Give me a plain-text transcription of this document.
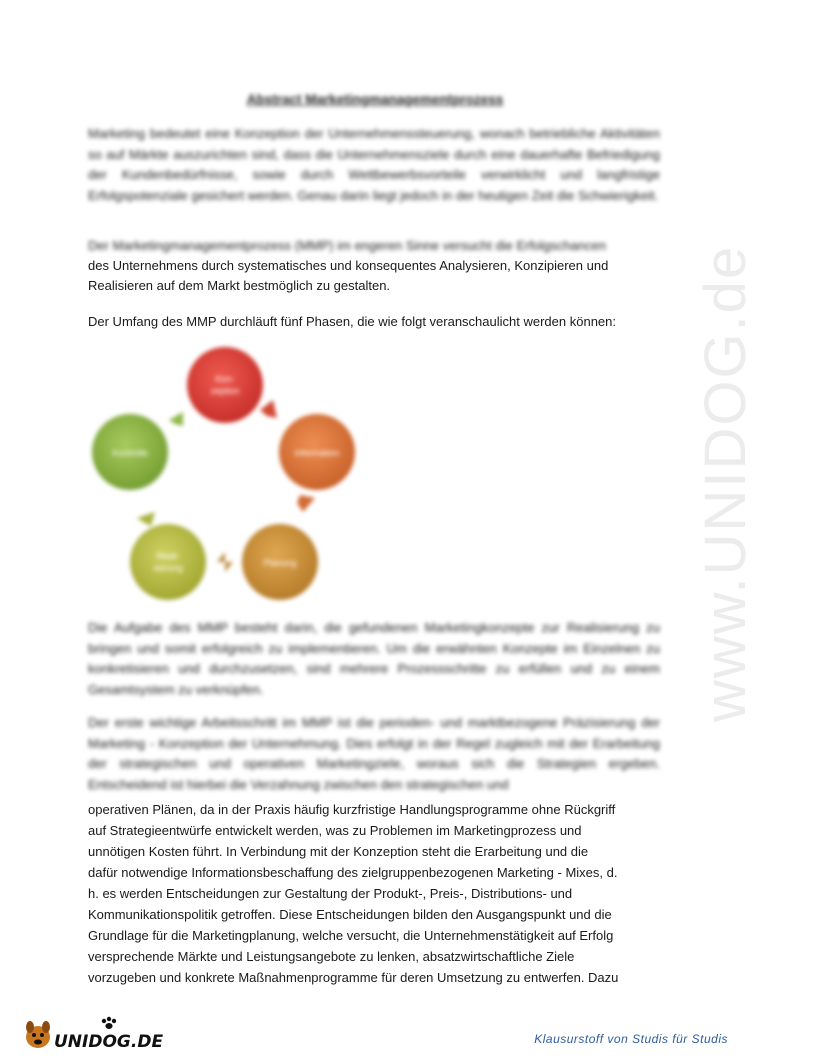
Abstract Marketingmanagementprozess

Marketing bedeutet eine Konzeption der Unternehmenssteuerung, wonach betriebliche Aktivitäten so auf Märkte auszurichten sind, dass die Unternehmensziele durch eine dauerhafte Befriedigung der Kundenbedürfnisse, sowie durch Wettbewerbsvorteile verwirklicht und langfristige Erfolgspotenziale gesichert werden. Genau darin liegt jedoch in der heutigen Zeit die Schwierigkeit.

Der Marketingmanagementprozess (MMP) im engeren Sinne versucht die Erfolgschancen

des Unternehmens durch systematisches und konsequentes Analysieren, Konzipieren und
Realisieren auf dem Markt bestmöglich zu gestalten.
Der Umfang des MMP durchläuft fünf Phasen, die wie folgt veranschaulicht werden können:	www.UNIDOG.de
Kon-
zeption
Information
Planung
Reali-
sierung
Kontrolle

Die Aufgabe des MMP besteht darin, die gefundenen Marketingkonzepte zur Realisierung zu bringen und somit erfolgreich zu implementieren. Um die erwähnten Konzepte im Einzelnen zu konkretisieren und durchzusetzen, sind mehrere Prozessschritte zu erfüllen und zu einem Gesamtsystem zu verknüpfen.

Der erste wichtige Arbeitsschritt im MMP ist die perioden- und marktbezogene Präzisierung der Marketing - Konzeption der Unternehmung. Dies erfolgt in der Regel zugleich mit der Erarbeitung der strategischen und operativen Marketingziele, woraus sich die Strategien ergeben. Entscheidend ist hierbei die Verzahnung zwischen den strategischen und

operativen Plänen, da in der Praxis häufig kurzfristige Handlungsprogramme ohne Rückgriff
auf Strategieentwürfe entwickelt werden, was zu Problemen im Marketingprozess und
unnötigen Kosten führt. In Verbindung mit der Konzeption steht die Erarbeitung und die
dafür notwendige Informationsbeschaffung des zielgruppenbezogenen Marketing - Mixes, d.
h. es werden Entscheidungen zur Gestaltung der Produkt-, Preis-, Distributions- und
Kommunikationspolitik getroffen. Diese Entscheidungen bilden den Ausgangspunkt und die
Grundlage für die Marketingplanung, welche versucht, die Unternehmenstätigkeit auf Erfolg
versprechende Märkte und Leistungsangebote zu lenken, absatzwirtschaftliche Ziele
vorzugeben und konkrete Maßnahmenprogramme für deren Umsetzung zu entwerfen. Dazu
UNIDOG.DE	Klausurstoff von Studis für Studis
